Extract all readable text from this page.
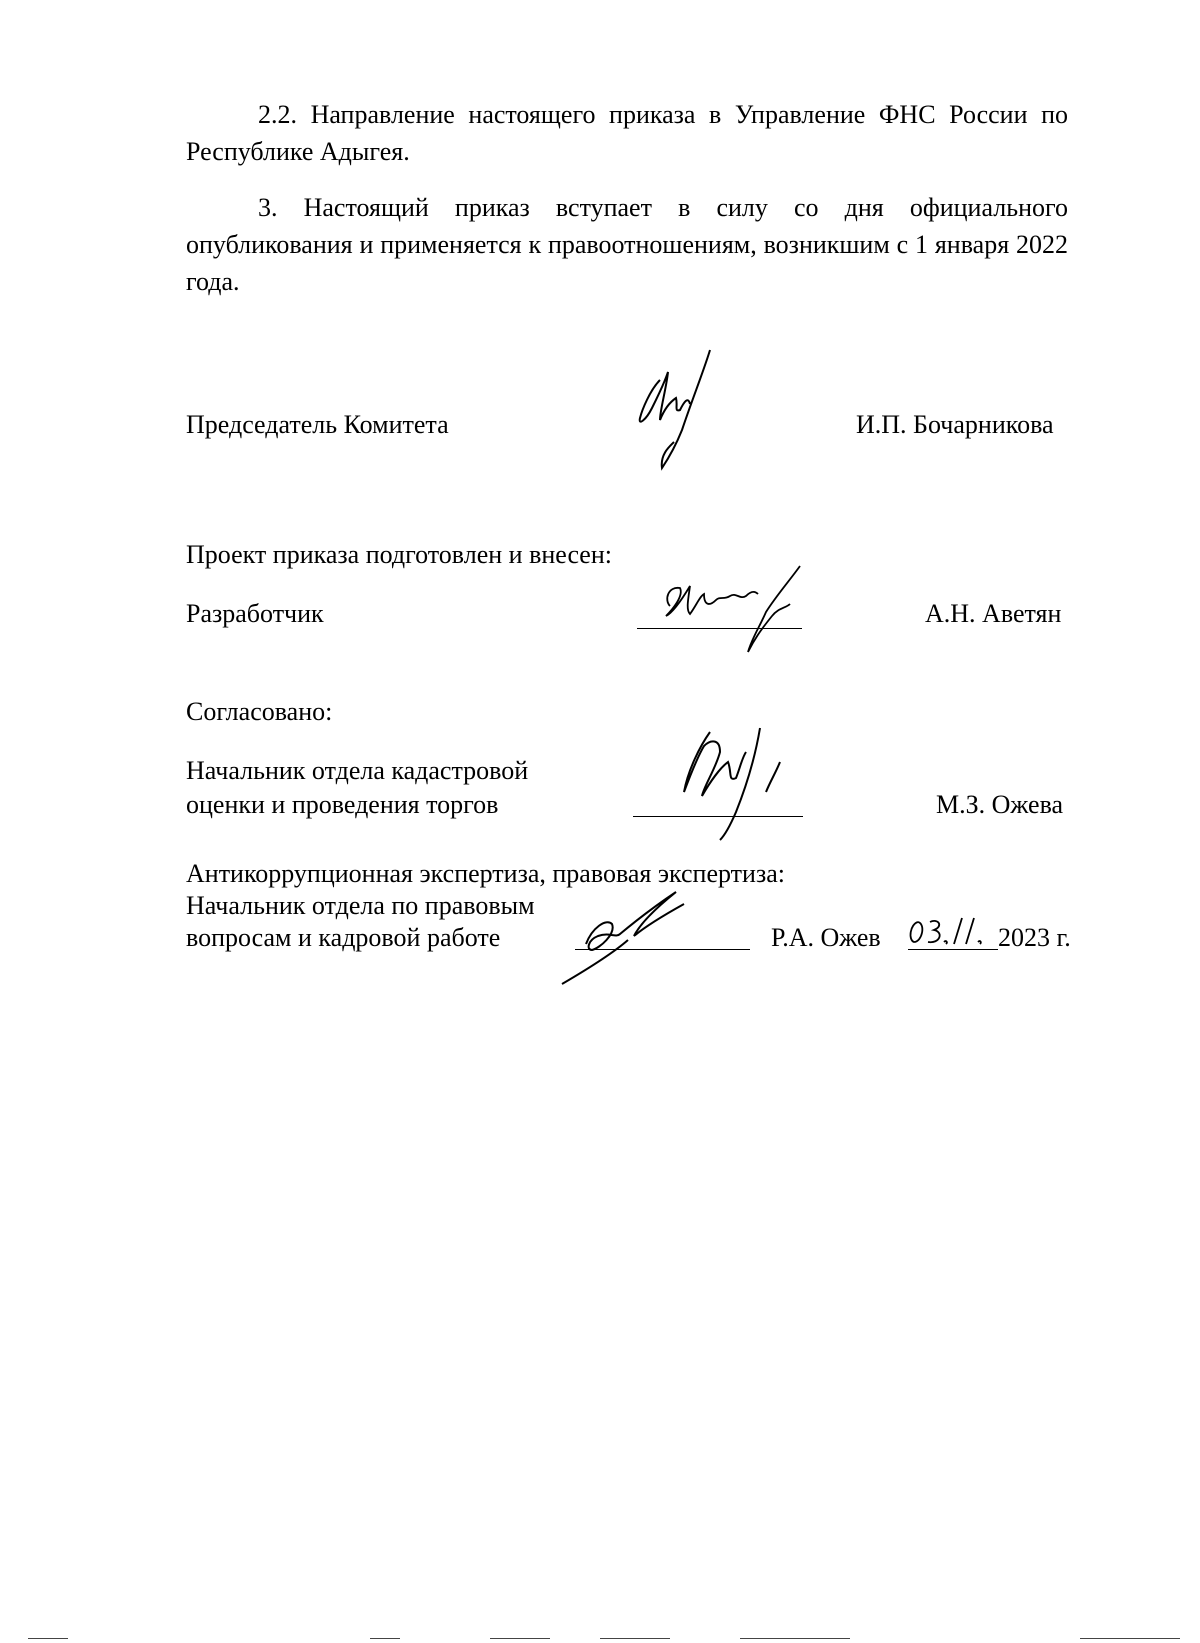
2.2. Направление настоящего приказа в Управление ФНС России по Республике Адыгея.
3. Настоящий приказ вступает в силу со дня официального опубликования и применяется к правоотношениям, возникшим с 1 января 2022 года.
Председатель Комитета	И.П. Бочарникова
Проект приказа подготовлен и внесен:
Разработчик	А.Н. Аветян
Согласовано:
Начальник отдела кадастровой
оценки и проведения торгов	М.З. Ожева
Антикоррупционная экспертиза, правовая экспертиза:
Начальник отдела по правовым
вопросам и кадровой работе	Р.А. Ожев	2023 г.
